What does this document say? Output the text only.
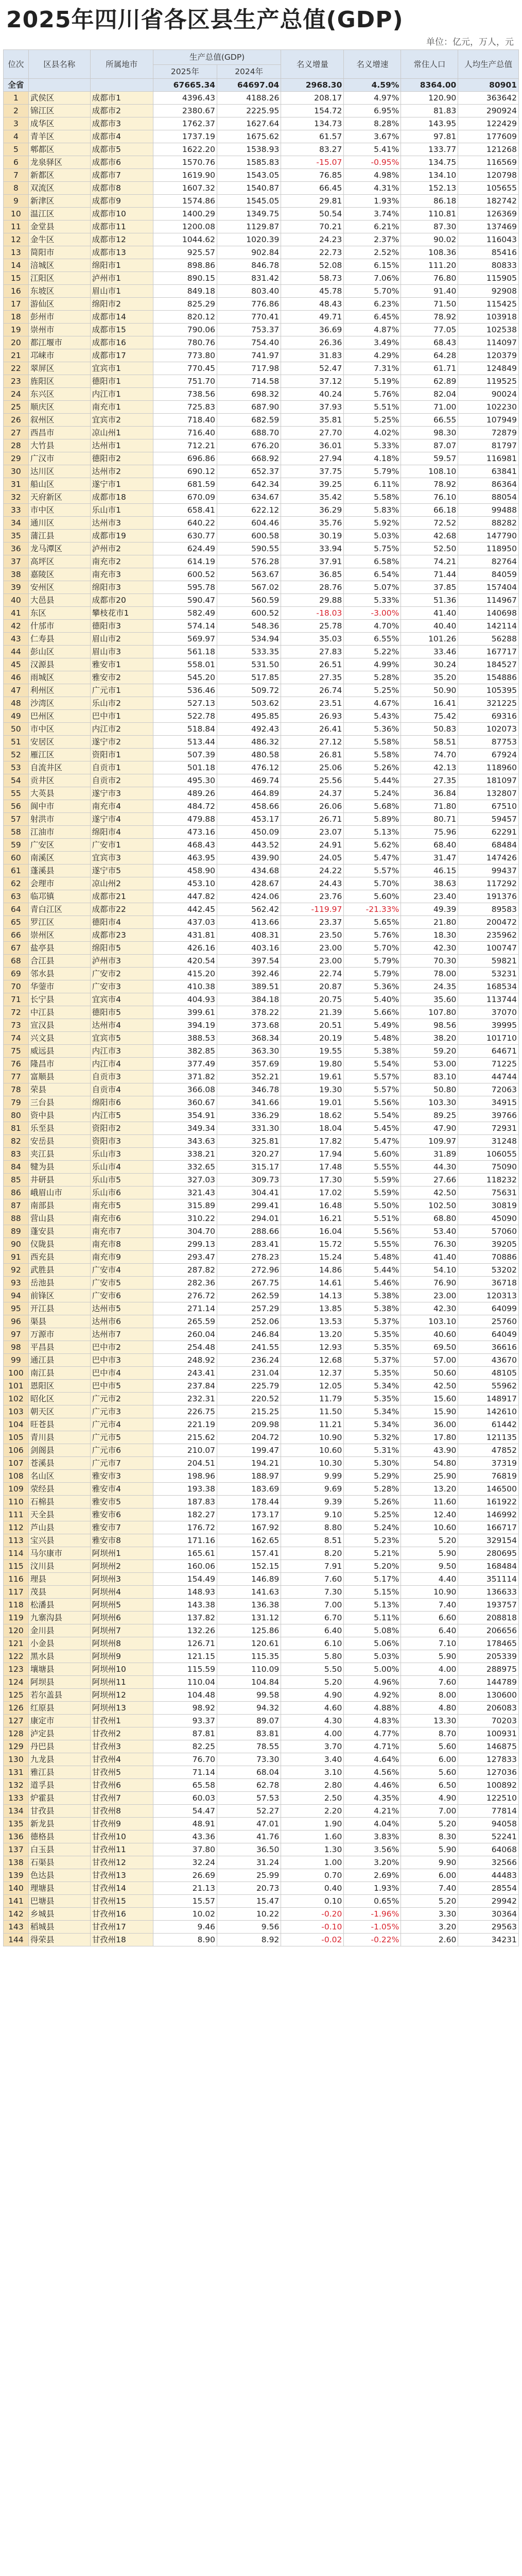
2025年四川省各区县生产总值(GDP)
单位：亿元，万人，元
位次	区县名称	所属地市	生产总值(GDP)		名义增量	名义增速	常住人口	人均生产总值
			2025年	2024年				
全省			67665.34	64697.04	2968.30	4.59%	8364.00	80901
1	武侯区	成都市1	4396.43	4188.26	208.17	4.97%	120.90	363642
2	锦江区	成都市2	2380.67	2225.95	154.72	6.95%	81.83	290924
3	成华区	成都市3	1762.37	1627.64	134.73	8.28%	143.95	122429
4	青羊区	成都市4	1737.19	1675.62	61.57	3.67%	97.81	177609
5	郫都区	成都市5	1622.20	1538.93	83.27	5.41%	133.77	121268
6	龙泉驿区	成都市6	1570.76	1585.83	-15.07	-0.95%	134.75	116569
7	新都区	成都市7	1619.90	1543.05	76.85	4.98%	134.10	120798
8	双流区	成都市8	1607.32	1540.87	66.45	4.31%	152.13	105655
9	新津区	成都市9	1574.86	1545.05	29.81	1.93%	86.18	182742
10	温江区	成都市10	1400.29	1349.75	50.54	3.74%	110.81	126369
11	金堂县	成都市11	1200.08	1129.87	70.21	6.21%	87.30	137469
12	金牛区	成都市12	1044.62	1020.39	24.23	2.37%	90.02	116043
13	简阳市	成都市13	925.57	902.84	22.73	2.52%	108.36	85416
14	涪城区	绵阳市1	898.86	846.78	52.08	6.15%	111.20	80833
15	江阳区	泸州市1	890.15	831.42	58.73	7.06%	76.80	115905
16	东坡区	眉山市1	849.18	803.40	45.78	5.70%	91.40	92908
17	游仙区	绵阳市2	825.29	776.86	48.43	6.23%	71.50	115425
18	彭州市	成都市14	820.12	770.41	49.71	6.45%	78.92	103918
19	崇州市	成都市15	790.06	753.37	36.69	4.87%	77.05	102538
20	都江堰市	成都市16	780.76	754.40	26.36	3.49%	68.43	114097
21	邛崃市	成都市17	773.80	741.97	31.83	4.29%	64.28	120379
22	翠屏区	宜宾市1	770.45	717.98	52.47	7.31%	61.71	124849
23	旌阳区	德阳市1	751.70	714.58	37.12	5.19%	62.89	119525
24	东兴区	内江市1	738.56	698.32	40.24	5.76%	82.04	90024
25	顺庆区	南充市1	725.83	687.90	37.93	5.51%	71.00	102230
26	叙州区	宜宾市2	718.40	682.59	35.81	5.25%	66.55	107949
27	西昌市	凉山州1	716.40	688.70	27.70	4.02%	98.30	72879
28	大竹县	达州市1	712.21	676.20	36.01	5.33%	87.07	81797
29	广汉市	德阳市2	696.86	668.92	27.94	4.18%	59.57	116981
30	达川区	达州市2	690.12	652.37	37.75	5.79%	108.10	63841
31	船山区	遂宁市1	681.59	642.34	39.25	6.11%	78.92	86364
32	天府新区	成都市18	670.09	634.67	35.42	5.58%	76.10	88054
33	市中区	乐山市1	658.41	622.12	36.29	5.83%	66.18	99488
34	通川区	达州市3	640.22	604.46	35.76	5.92%	72.52	88282
35	蒲江县	成都市19	630.77	600.58	30.19	5.03%	42.68	147790
36	龙马潭区	泸州市2	624.49	590.55	33.94	5.75%	52.50	118950
37	高坪区	南充市2	614.19	576.28	37.91	6.58%	74.21	82764
38	嘉陵区	南充市3	600.52	563.67	36.85	6.54%	71.44	84059
39	安州区	绵阳市3	595.78	567.02	28.76	5.07%	37.85	157404
40	大邑县	成都市20	590.47	560.59	29.88	5.33%	51.36	114967
41	东区	攀枝花市1	582.49	600.52	-18.03	-3.00%	41.40	140698
42	什邡市	德阳市3	574.14	548.36	25.78	4.70%	40.40	142114
43	仁寿县	眉山市2	569.97	534.94	35.03	6.55%	101.26	56288
44	彭山区	眉山市3	561.18	533.35	27.83	5.22%	33.46	167717
45	汉源县	雅安市1	558.01	531.50	26.51	4.99%	30.24	184527
46	雨城区	雅安市2	545.20	517.85	27.35	5.28%	35.20	154886
47	利州区	广元市1	536.46	509.72	26.74	5.25%	50.90	105395
48	沙湾区	乐山市2	527.13	503.62	23.51	4.67%	16.41	321225
49	巴州区	巴中市1	522.78	495.85	26.93	5.43%	75.42	69316
50	市中区	内江市2	518.84	492.43	26.41	5.36%	50.83	102073
51	安居区	遂宁市2	513.44	486.32	27.12	5.58%	58.51	87753
52	雁江区	资阳市1	507.39	480.58	26.81	5.58%	74.70	67924
53	自流井区	自贡市1	501.18	476.12	25.06	5.26%	42.13	118960
54	贡井区	自贡市2	495.30	469.74	25.56	5.44%	27.35	181097
55	大英县	遂宁市3	489.26	464.89	24.37	5.24%	36.84	132807
56	阆中市	南充市4	484.72	458.66	26.06	5.68%	71.80	67510
57	射洪市	遂宁市4	479.88	453.17	26.71	5.89%	80.71	59457
58	江油市	绵阳市4	473.16	450.09	23.07	5.13%	75.96	62291
59	广安区	广安市1	468.43	443.52	24.91	5.62%	68.40	68484
60	南溪区	宜宾市3	463.95	439.90	24.05	5.47%	31.47	147426
61	蓬溪县	遂宁市5	458.90	434.68	24.22	5.57%	46.15	99437
62	会理市	凉山州2	453.10	428.67	24.43	5.70%	38.63	117292
63	临邛镇	成都市21	447.82	424.06	23.76	5.60%	23.40	191376
64	青白江区	成都市22	442.45	562.42	-119.97	-21.33%	49.39	89583
65	罗江区	德阳市4	437.03	413.66	23.37	5.65%	21.80	200472
66	崇州区	成都市23	431.81	408.31	23.50	5.76%	18.30	235962
67	盐亭县	绵阳市5	426.16	403.16	23.00	5.70%	42.30	100747
68	合江县	泸州市3	420.54	397.54	23.00	5.79%	70.30	59821
69	邻水县	广安市2	415.20	392.46	22.74	5.79%	78.00	53231
70	华蓥市	广安市3	410.38	389.51	20.87	5.36%	24.35	168534
71	长宁县	宜宾市4	404.93	384.18	20.75	5.40%	35.60	113744
72	中江县	德阳市5	399.61	378.22	21.39	5.66%	107.80	37070
73	宣汉县	达州市4	394.19	373.68	20.51	5.49%	98.56	39995
74	兴文县	宜宾市5	388.53	368.34	20.19	5.48%	38.20	101710
75	威远县	内江市3	382.85	363.30	19.55	5.38%	59.20	64671
76	隆昌市	内江市4	377.49	357.69	19.80	5.54%	53.00	71225
77	富顺县	自贡市3	371.82	352.21	19.61	5.57%	83.10	44744
78	荣县	自贡市4	366.08	346.78	19.30	5.57%	50.80	72063
79	三台县	绵阳市6	360.67	341.66	19.01	5.56%	103.30	34915
80	资中县	内江市5	354.91	336.29	18.62	5.54%	89.25	39766
81	乐至县	资阳市2	349.34	331.30	18.04	5.45%	47.90	72931
82	安岳县	资阳市3	343.63	325.81	17.82	5.47%	109.97	31248
83	夹江县	乐山市3	338.21	320.27	17.94	5.60%	31.89	106055
84	犍为县	乐山市4	332.65	315.17	17.48	5.55%	44.30	75090
85	井研县	乐山市5	327.03	309.73	17.30	5.59%	27.66	118232
86	峨眉山市	乐山市6	321.43	304.41	17.02	5.59%	42.50	75631
87	南部县	南充市5	315.89	299.41	16.48	5.50%	102.50	30819
88	营山县	南充市6	310.22	294.01	16.21	5.51%	68.80	45090
89	蓬安县	南充市7	304.70	288.66	16.04	5.56%	53.40	57060
90	仪陇县	南充市8	299.13	283.41	15.72	5.55%	76.30	39205
91	西充县	南充市9	293.47	278.23	15.24	5.48%	41.40	70886
92	武胜县	广安市4	287.82	272.96	14.86	5.44%	54.10	53202
93	岳池县	广安市5	282.36	267.75	14.61	5.46%	76.90	36718
94	前锋区	广安市6	276.72	262.59	14.13	5.38%	23.00	120313
95	开江县	达州市5	271.14	257.29	13.85	5.38%	42.30	64099
96	渠县	达州市6	265.59	252.06	13.53	5.37%	103.10	25760
97	万源市	达州市7	260.04	246.84	13.20	5.35%	40.60	64049
98	平昌县	巴中市2	254.48	241.55	12.93	5.35%	69.50	36616
99	通江县	巴中市3	248.92	236.24	12.68	5.37%	57.00	43670
100	南江县	巴中市4	243.41	231.04	12.37	5.35%	50.60	48105
101	恩阳区	巴中市5	237.84	225.79	12.05	5.34%	42.50	55962
102	昭化区	广元市2	232.31	220.52	11.79	5.35%	15.60	148917
103	朝天区	广元市3	226.75	215.25	11.50	5.34%	15.90	142610
104	旺苍县	广元市4	221.19	209.98	11.21	5.34%	36.00	61442
105	青川县	广元市5	215.62	204.72	10.90	5.32%	17.80	121135
106	剑阁县	广元市6	210.07	199.47	10.60	5.31%	43.90	47852
107	苍溪县	广元市7	204.51	194.21	10.30	5.30%	54.80	37319
108	名山区	雅安市3	198.96	188.97	9.99	5.29%	25.90	76819
109	荥经县	雅安市4	193.38	183.69	9.69	5.28%	13.20	146500
110	石棉县	雅安市5	187.83	178.44	9.39	5.26%	11.60	161922
111	天全县	雅安市6	182.27	173.17	9.10	5.25%	12.40	146992
112	芦山县	雅安市7	176.72	167.92	8.80	5.24%	10.60	166717
113	宝兴县	雅安市8	171.16	162.65	8.51	5.23%	5.20	329154
114	马尔康市	阿坝州1	165.61	157.41	8.20	5.21%	5.90	280695
115	汶川县	阿坝州2	160.06	152.15	7.91	5.20%	9.50	168484
116	理县	阿坝州3	154.49	146.89	7.60	5.17%	4.40	351114
117	茂县	阿坝州4	148.93	141.63	7.30	5.15%	10.90	136633
118	松潘县	阿坝州5	143.38	136.38	7.00	5.13%	7.40	193757
119	九寨沟县	阿坝州6	137.82	131.12	6.70	5.11%	6.60	208818
120	金川县	阿坝州7	132.26	125.86	6.40	5.08%	6.40	206656
121	小金县	阿坝州8	126.71	120.61	6.10	5.06%	7.10	178465
122	黑水县	阿坝州9	121.15	115.35	5.80	5.03%	5.90	205339
123	壤塘县	阿坝州10	115.59	110.09	5.50	5.00%	4.00	288975
124	阿坝县	阿坝州11	110.04	104.84	5.20	4.96%	7.60	144789
125	若尔盖县	阿坝州12	104.48	99.58	4.90	4.92%	8.00	130600
126	红原县	阿坝州13	98.92	94.32	4.60	4.88%	4.80	206083
127	康定市	甘孜州1	93.37	89.07	4.30	4.83%	13.30	70203
128	泸定县	甘孜州2	87.81	83.81	4.00	4.77%	8.70	100931
129	丹巴县	甘孜州3	82.25	78.55	3.70	4.71%	5.60	146875
130	九龙县	甘孜州4	76.70	73.30	3.40	4.64%	6.00	127833
131	雅江县	甘孜州5	71.14	68.04	3.10	4.56%	5.60	127036
132	道孚县	甘孜州6	65.58	62.78	2.80	4.46%	6.50	100892
133	炉霍县	甘孜州7	60.03	57.53	2.50	4.35%	4.90	122510
134	甘孜县	甘孜州8	54.47	52.27	2.20	4.21%	7.00	77814
135	新龙县	甘孜州9	48.91	47.01	1.90	4.04%	5.20	94058
136	德格县	甘孜州10	43.36	41.76	1.60	3.83%	8.30	52241
137	白玉县	甘孜州11	37.80	36.50	1.30	3.56%	5.90	64068
138	石渠县	甘孜州12	32.24	31.24	1.00	3.20%	9.90	32566
139	色达县	甘孜州13	26.69	25.99	0.70	2.69%	6.00	44483
140	理塘县	甘孜州14	21.13	20.73	0.40	1.93%	7.40	28554
141	巴塘县	甘孜州15	15.57	15.47	0.10	0.65%	5.20	29942
142	乡城县	甘孜州16	10.02	10.22	-0.20	-1.96%	3.30	30364
143	稻城县	甘孜州17	9.46	9.56	-0.10	-1.05%	3.20	29563
144	得荣县	甘孜州18	8.90	8.92	-0.02	-0.22%	2.60	34231
